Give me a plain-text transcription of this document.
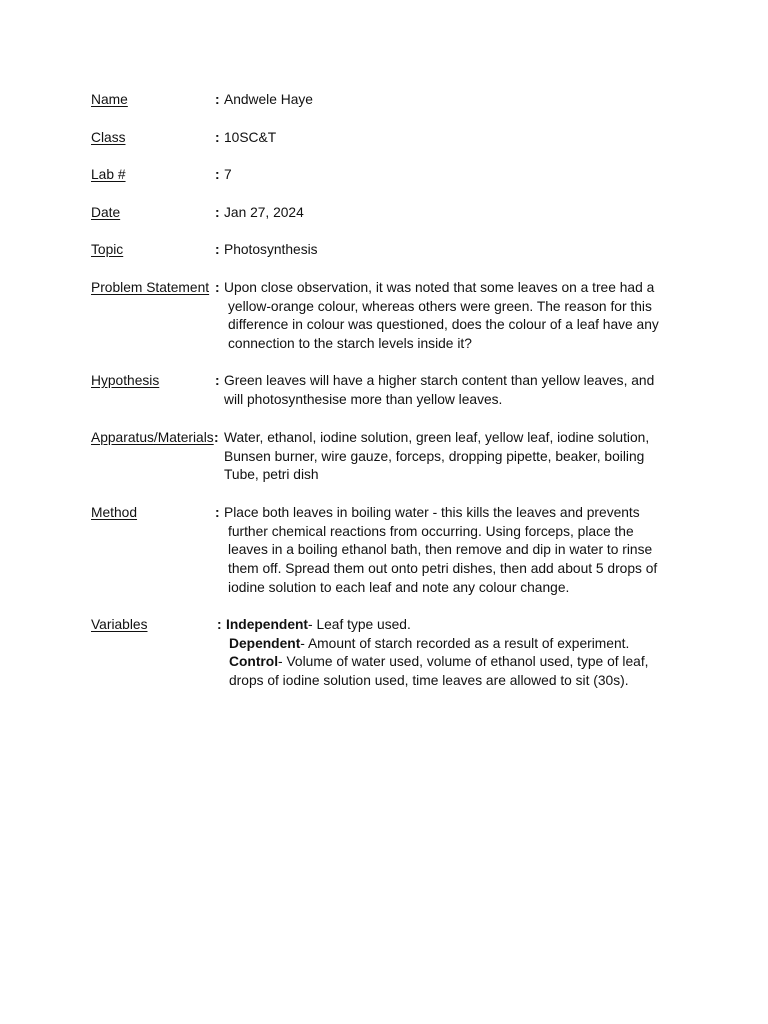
Name	: Andwele Haye
Class	: 10SC&T
Lab #	: 7
Date	: Jan 27, 2024
Topic	: Photosynthesis
Problem Statement : Upon close observation, it was noted that some leaves on a tree had a
yellow-orange colour, whereas others were green. The reason for this
difference in colour was questioned, does the colour of a leaf have any
connection to the starch levels inside it?
Hypothesis	: Green leaves will have a higher starch content than yellow leaves, and
will photosynthesise more than yellow leaves.
Apparatus/Materials : Water, ethanol, iodine solution, green leaf, yellow leaf, iodine solution,
Bunsen burner, wire gauze, forceps, dropping pipette, beaker, boiling
Tube, petri dish
Method	: Place both leaves in boiling water - this kills the leaves and prevents
further chemical reactions from occurring. Using forceps, place the
leaves in a boiling ethanol bath, then remove and dip in water to rinse
them off. Spread them out onto petri dishes, then add about 5 drops of
iodine solution to each leaf and note any colour change.
Variables	: Independent- Leaf type used.
Dependent- Amount of starch recorded as a result of experiment.
Control- Volume of water used, volume of ethanol used, type of leaf,
drops of iodine solution used, time leaves are allowed to sit (30s).
